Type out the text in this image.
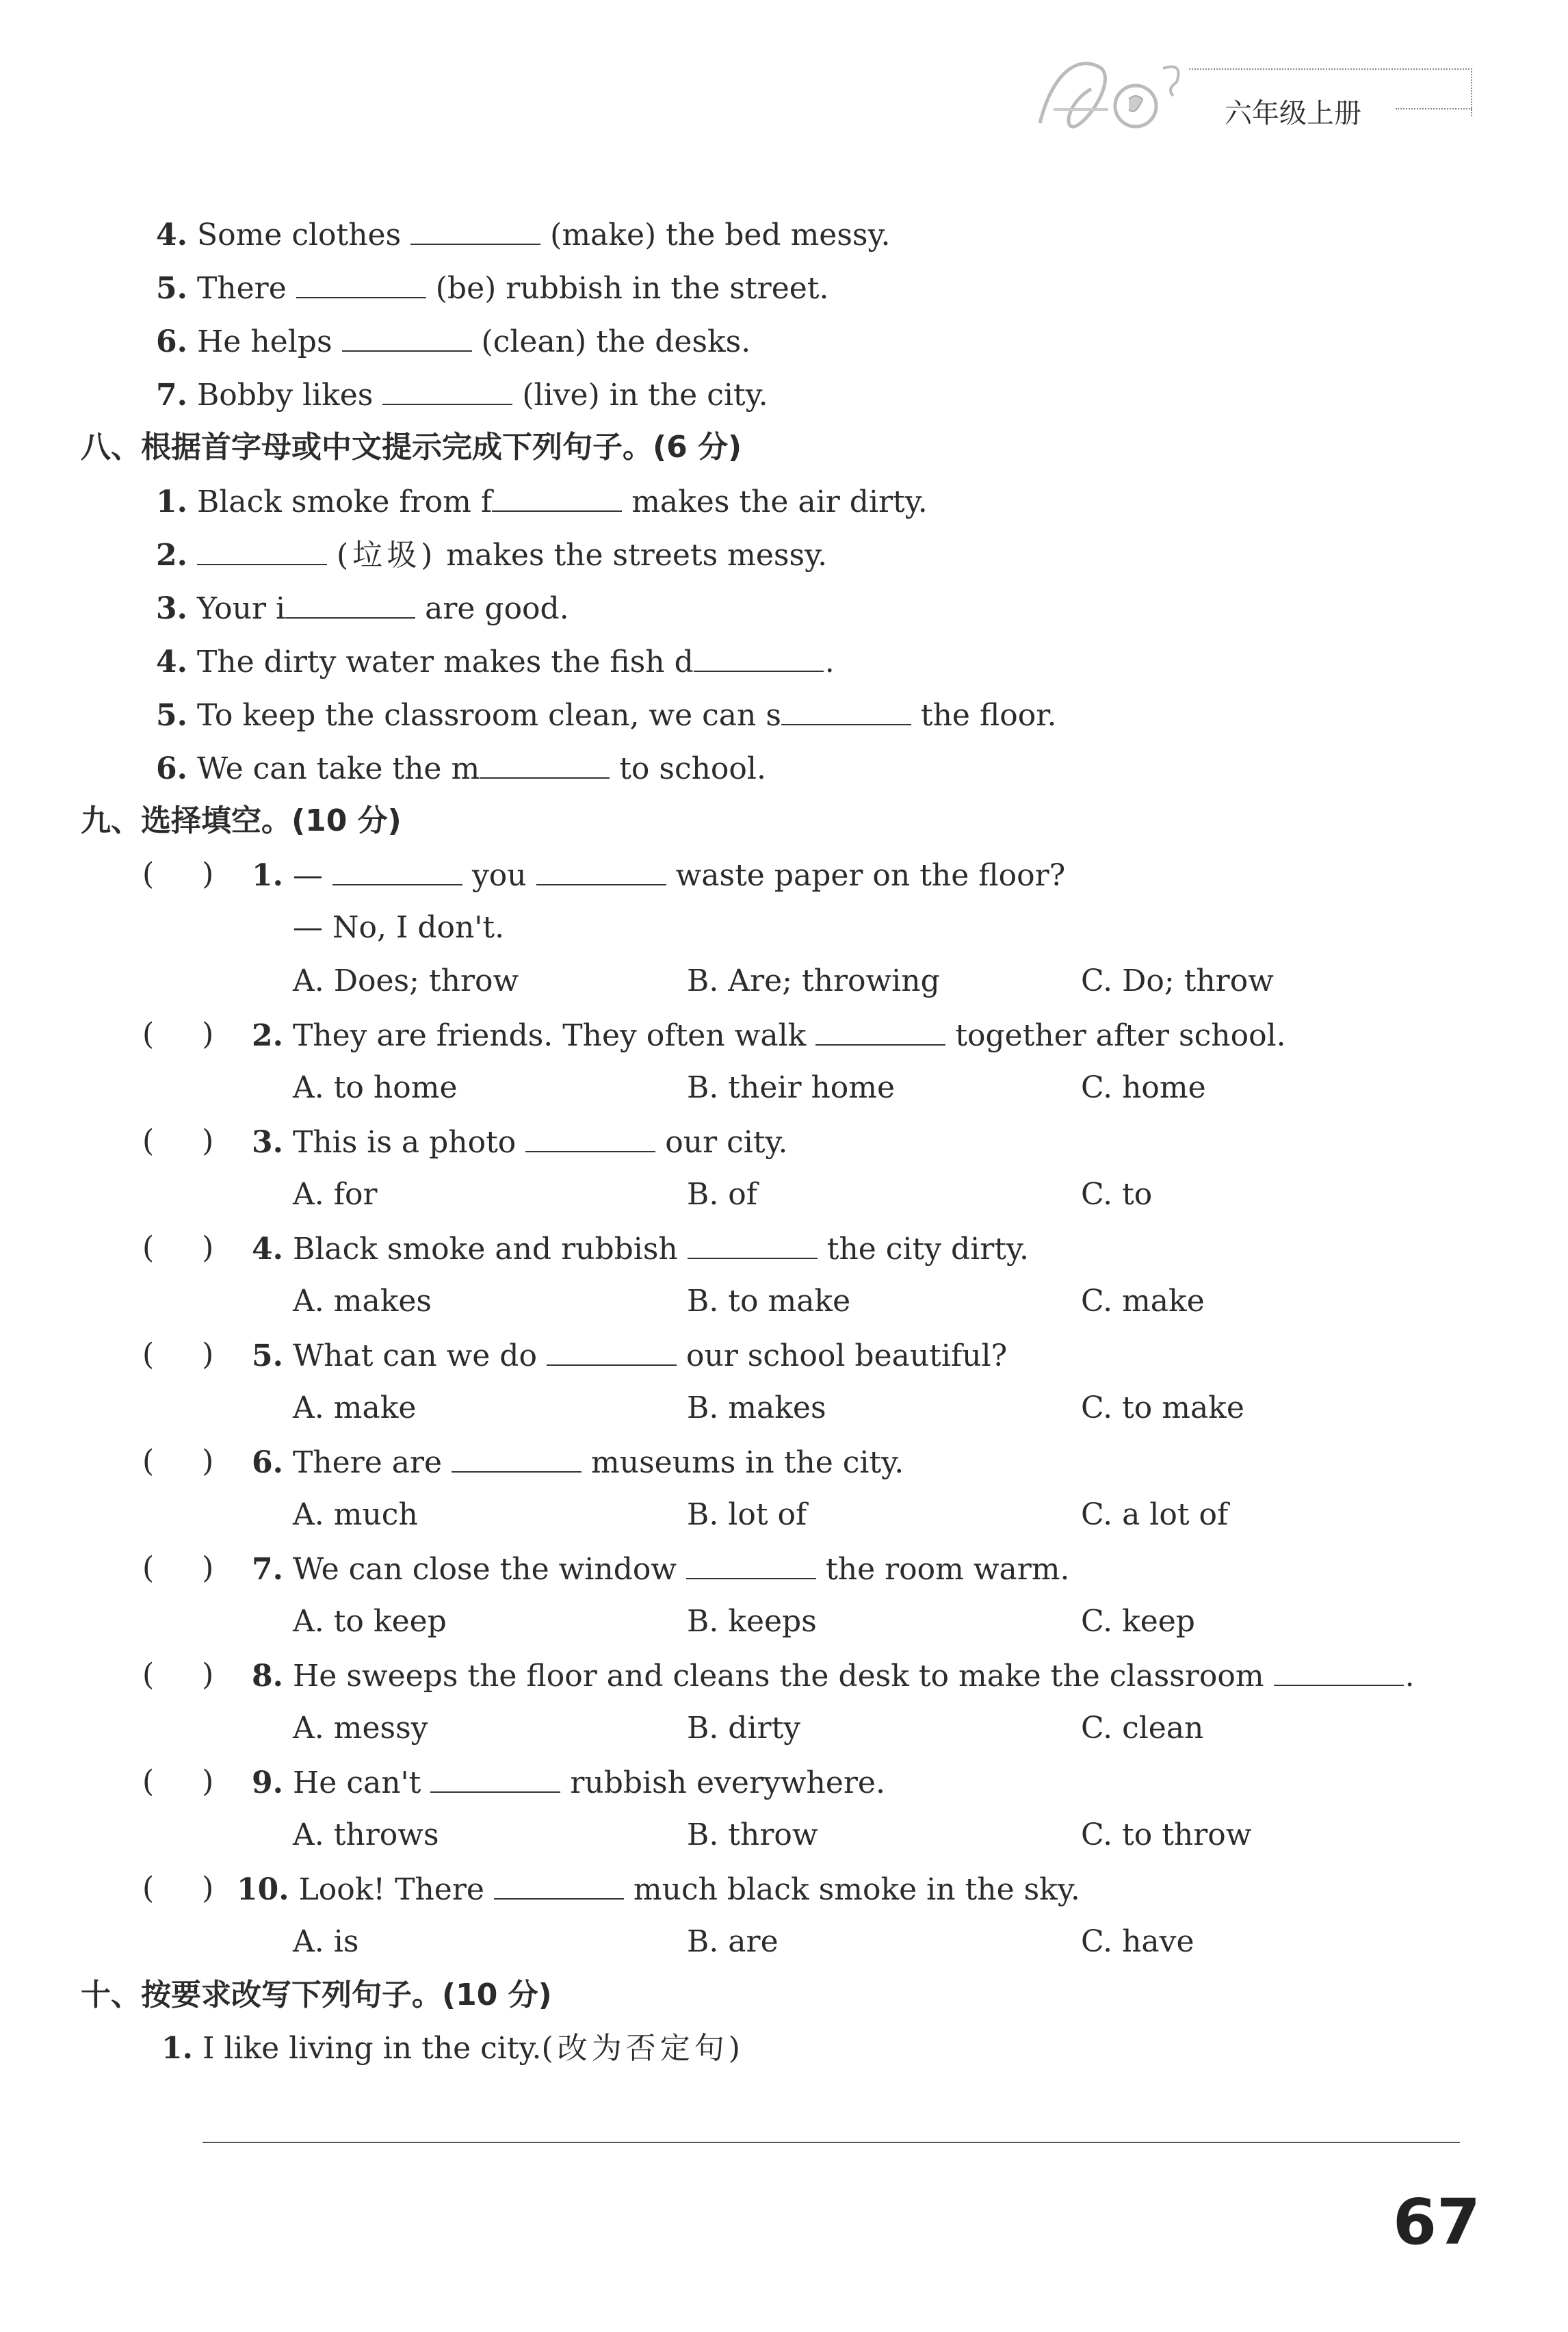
六年级上册
4. Some clothes	(make) the bed messy.
5. There	(be) rubbish in the street.
6. He helps	(clean) the desks.
7. Bobby likes	(live) in the city.
八、根据首字母或中文提示完成下列句子。(6 分)
1. Black smoke from f	makes the air dirty.
2.	(垃圾) makes the streets messy.
3. Your i	are good.
4. The dirty water makes the fish d	.
5. To keep the classroom clean, we can s	the floor.
6. We can take the m	to school.
九、选择填空。(10 分)
(     ) 1. —	you	waste paper on the floor?
— No, I don't.
A. Does; throw	B. Are; throwing	C. Do; throw
(     ) 2. They are friends. They often walk	together after school.
A. to home	B. their home	C. home
(     ) 3. This is a photo	our city.
A. for	B. of	C. to
(     ) 4. Black smoke and rubbish	the city dirty.
A. makes	B. to make	C. make
(     ) 5. What can we do	our school beautiful?
A. make	B. makes	C. to make
(     ) 6. There are	museums in the city.
A. much	B. lot of	C. a lot of
(     ) 7. We can close the window	the room warm.
A. to keep	B. keeps	C. keep
(     ) 8. He sweeps the floor and cleans the desk to make the classroom	.
A. messy	B. dirty	C. clean
(     ) 9. He can't	rubbish everywhere.
A. throws	B. throw	C. to throw
(     ) 10. Look! There	much black smoke in the sky.
A. is	B. are	C. have
十、按要求改写下列句子。(10 分)
1. I like living in the city.(改为否定句)
67
